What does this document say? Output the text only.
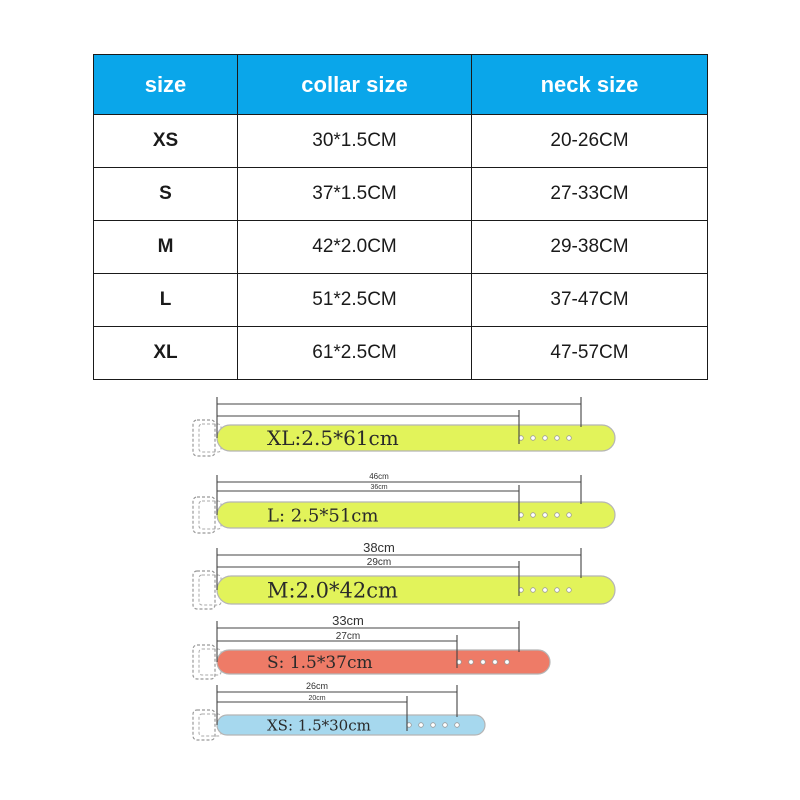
size	collar size	neck size
XS	30*1.5CM	20-26CM
S	37*1.5CM	27-33CM
M	42*2.0CM	29-38CM
L	51*2.5CM	37-47CM
XL	61*2.5CM	47-57CM
XL:2.5*61cm
46cm
36cm
L: 2.5*51cm
38cm
29cm
M:2.0*42cm
33cm
27cm
S: 1.5*37cm
26cm
20cm
XS: 1.5*30cm
